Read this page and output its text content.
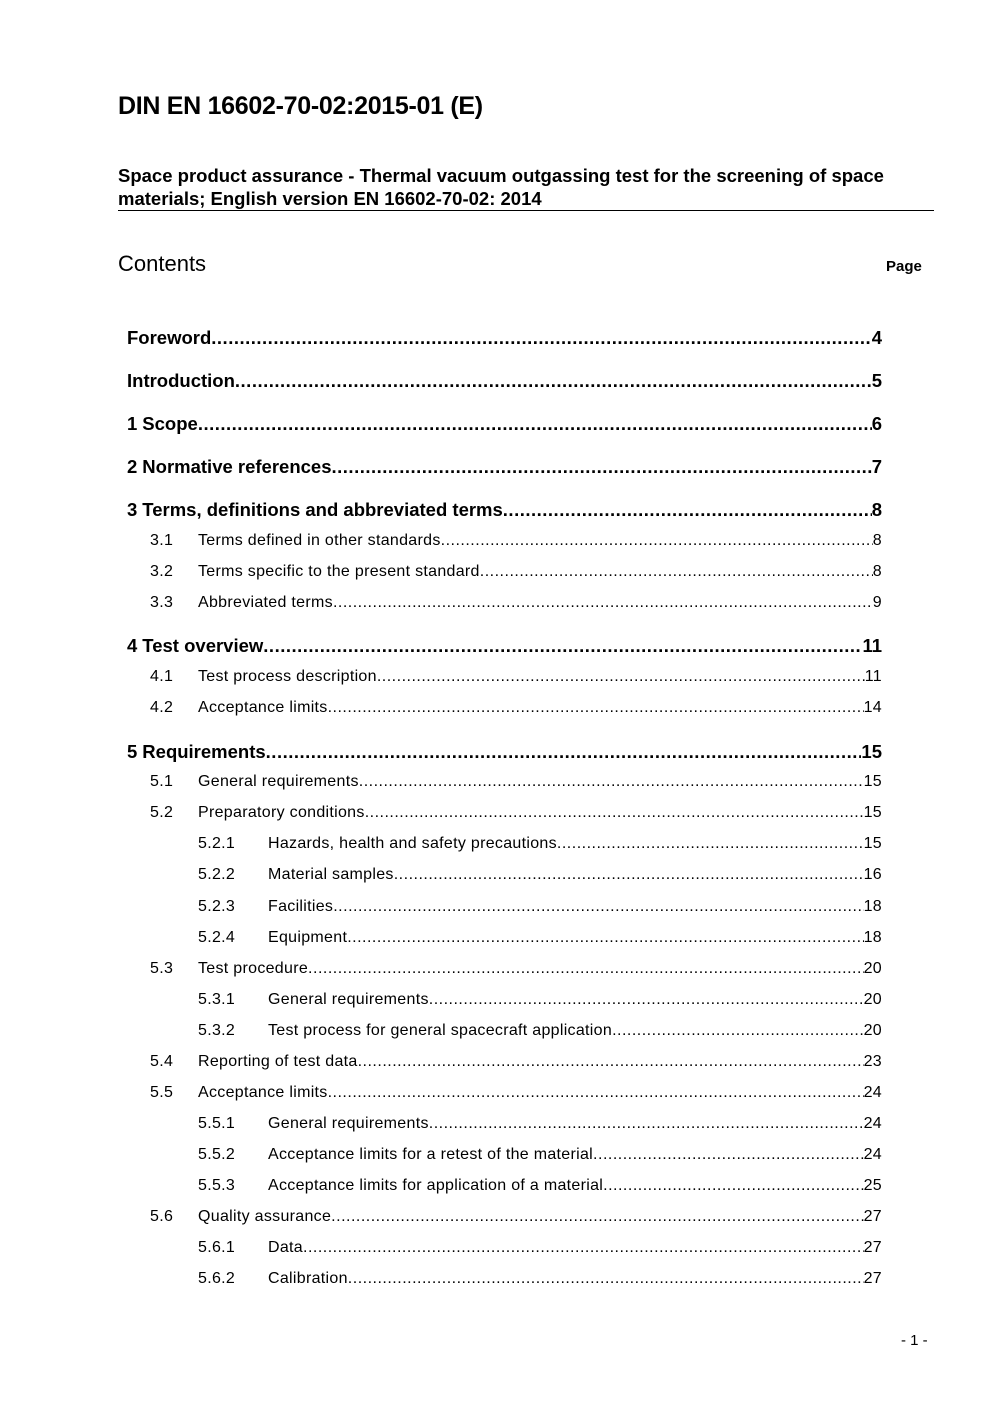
DIN EN 16602-70-02:2015-01 (E)
Space product assurance - Thermal vacuum outgassing test for the screening of space materials; English version EN 16602-70-02: 2014
Contents	Page
Foreword .....	4
Introduction .....	5
1 Scope .....	6
2 Normative references .....	7
3 Terms, definitions and abbreviated terms .....	8
3.1	Terms defined in other standards .....	8
3.2	Terms specific to the present standard .....	8
3.3	Abbreviated terms .....	9
4 Test overview .....	11
4.1	Test process description .....	11
4.2	Acceptance limits .....	14
5 Requirements .....	15
5.1	General requirements .....	15
5.2	Preparatory conditions .....	15
5.2.1	Hazards, health and safety precautions .....	15
5.2.2	Material samples .....	16
5.2.3	Facilities .....	18
5.2.4	Equipment .....	18
5.3	Test procedure .....	20
5.3.1	General requirements .....	20
5.3.2	Test process for general spacecraft application .....	20
5.4	Reporting of test data .....	23
5.5	Acceptance limits .....	24
5.5.1	General requirements .....	24
5.5.2	Acceptance limits for a retest of the material .....	24
5.5.3	Acceptance limits for application of a material .....	25
5.6	Quality assurance .....	27
5.6.1	Data .....	27
5.6.2	Calibration .....	27
- 1 -
